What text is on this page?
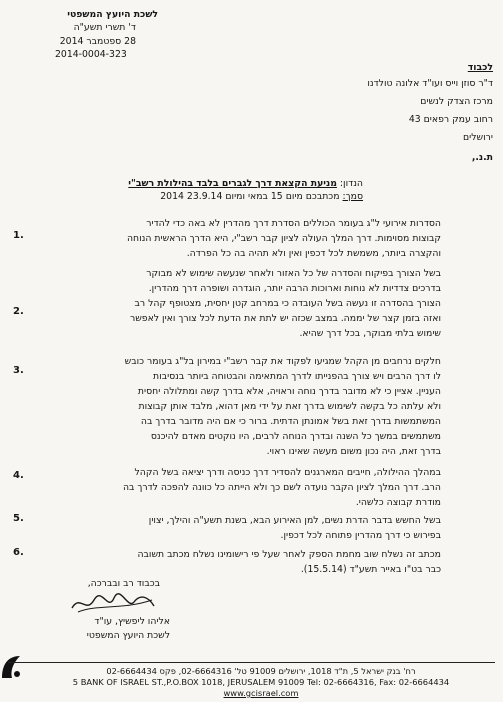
לשכת היועץ המשפטי
ד' תשרי תשע"ה
28 ספטמבר 2014
2014-0004-323
לכבוד
ד"ר סוזן וייס ועו"ד אלונה טולדנו
מרכז הצדק לנשים
רחוב עמק רפאים 43
ירושלים
ת.נ.,
הנדון: מניעת הקצאת דרך לגברים בלבד בהילולת רשב"י
סמך: מכתבכם מיום 15 במאי ומיום 23.9.14 2014
1.
הסדרות אירועי ל"ג בעומר הכוללים הסדרת דרך מהדרין לא באה כדי להדיר
קבוצות מסוימות. דרך המלך העולה לציון קבר רשב"י, היא הדרך הראשית הנוחה
והקצרה ביותר, משמשת לכל דכפין ואין ולא תהיה בה כל הפרדה.
2.
בשל הצורך בפיקוח והסדרה של כל האזור ולאחר שנעשה שימוש לא מבוקר
בדרכים צדדיות לא נוחות וארוכות הרבה יותר, הוגדרה ושופרה דרך מהדרין.
הצורך בהסדרה זו נעשה בשל העובדה כי במרחב קטן יחסית, מצטופף קהל רב
ואזה בזמן קצר של יממה. במצב שכזה יש לתת את הדעת לכל צורך ואין לאפשר
שימוש בלתי מבוקר, בכל דרך שהיא.
3.
חלקים נרחבים מן הקהל שמגיעו לפקוד את קבר רשב"י במירון בל"ג בעומר כובש
לו דרך הרבים ויש צורך בהפנייתו לדרך המתאימה והבטוחה ביותר בנסיבות
העניין. אציין כי לא מדובר בדרך נוחה וראויה, אלא בדרך קשה ומתלולה יחסית
ולא עלתה כל בקשה לשימוש בדרך זאת על ידי מאן דהוא, מלבד אותן קבוצות
המשתמשות בדרך זאת בשל אמונתן הדתית. ברור כי אם היה מדובר בדרך בה
משתמשים במשך כל השנה ובדרך הנוחה לרבים, היו נוקטים מאדם להיכנס
בדרך זאת, היה נכון משום מעשה שאינו ראוי.
4.	במהלך ההילולה, חייבים המארגנים להסדיר דרך כניסה ודרך יציאה בשל הקהל
הרב. דרך המלך לציון הקבר נועדה לשם כך ולא הייתה כל כוונה להפכה לדרך בה
מודרת קבוצה כלשהי.
5.	בשל החשש בדבר הדרת נשים, למן האירוע הבא, בשנת תשע"ה והילך, יצוין
בפירוש כי דרך מהדרין פתוחה לכל דכפין.
6.	מכתב זה נשלח שוב מחמת הספק לאחר שעל פי רישומינו נשלח מכתב תשובה
כבר בט"ו באייר תשע"ד (15.5.14).
בכבוד רב ובברכה,
אליהו ליפשיץ, עו"ד
לשכת היועץ המשפטי
רח' בנק ישראל 5, ת"ד 1018, ירושלים 91009 טל' 02-6664316, פקס 02-6664434
5 BANK OF ISRAEL ST.,P.O.BOX 1018, JERUSALEM 91009 Tel: 02-6664316, Fax: 02-6664434
www.gcisrael.com
